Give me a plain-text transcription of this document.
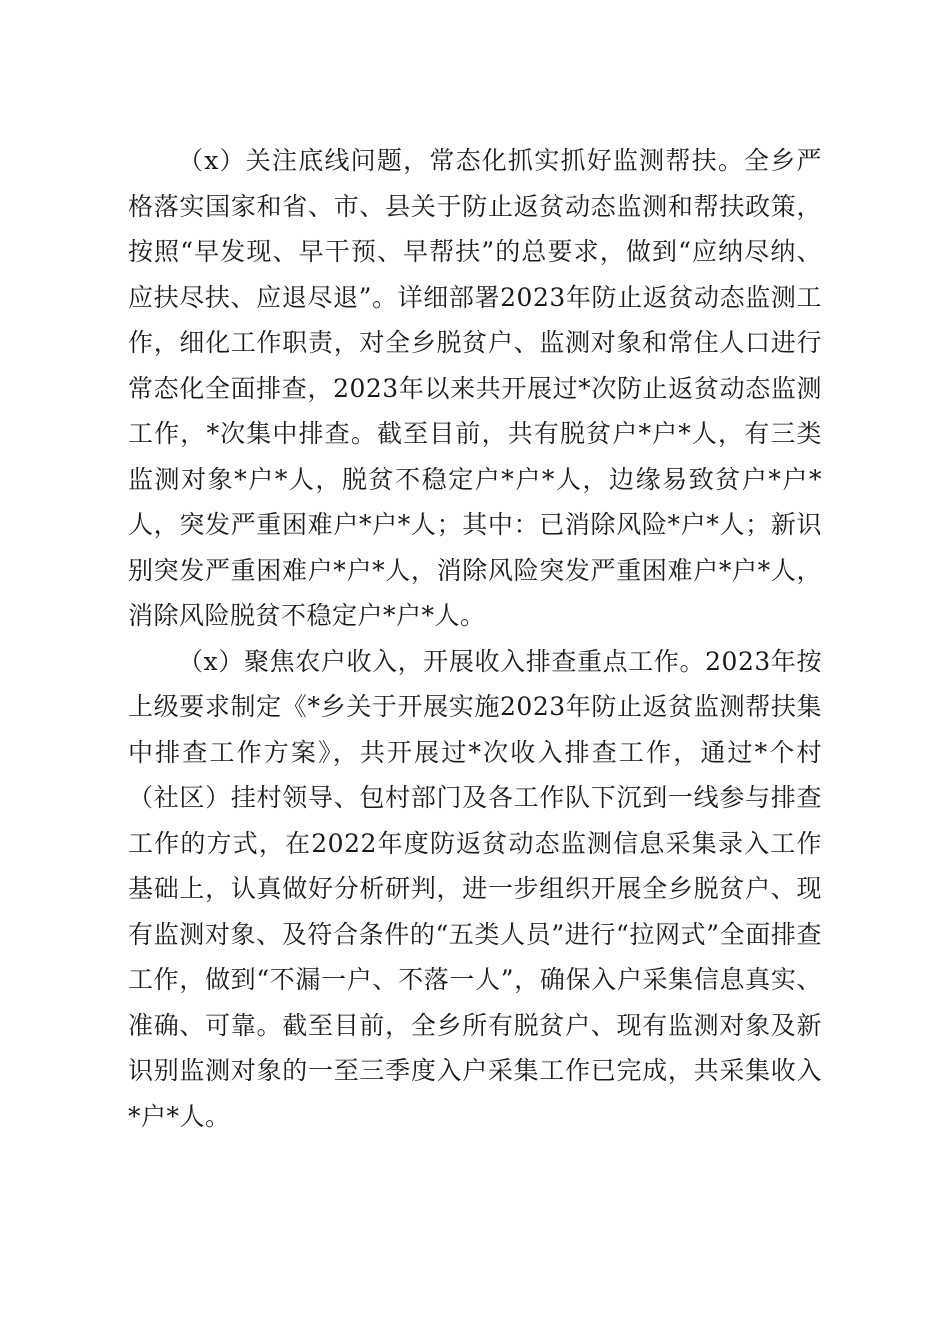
（x）关注底线问题，常态化抓实抓好监测帮扶。全乡严格落实国家和省、市、县关于防止返贫动态监测和帮扶政策，按照“早发现、早干预、早帮扶”的总要求，做到“应纳尽纳、应扶尽扶、应退尽退”。详细部署2023年防止返贫动态监测工作，细化工作职责，对全乡脱贫户、监测对象和常住人口进行常态化全面排查，2023年以来共开展过*次防止返贫动态监测工作，*次集中排查。截至目前，共有脱贫户*户*人，有三类监测对象*户*人，脱贫不稳定户*户*人，边缘易致贫户*户*人，突发严重困难户*户*人；其中：已消除风险*户*人；新识别突发严重困难户*户*人，消除风险突发严重困难户*户*人，消除风险脱贫不稳定户*户*人。

（x）聚焦农户收入，开展收入排查重点工作。2023年按上级要求制定《*乡关于开展实施2023年防止返贫监测帮扶集中排查工作方案》，共开展过*次收入排查工作，通过*个村（社区）挂村领导、包村部门及各工作队下沉到一线参与排查工作的方式，在2022年度防返贫动态监测信息采集录入工作基础上，认真做好分析研判，进一步组织开展全乡脱贫户、现有监测对象、及符合条件的“五类人员”进行“拉网式”全面排查工作，做到“不漏一户、不落一人”，确保入户采集信息真实、准确、可靠。截至目前，全乡所有脱贫户、现有监测对象及新识别监测对象的一至三季度入户采集工作已完成，共采集收入*户*人。
